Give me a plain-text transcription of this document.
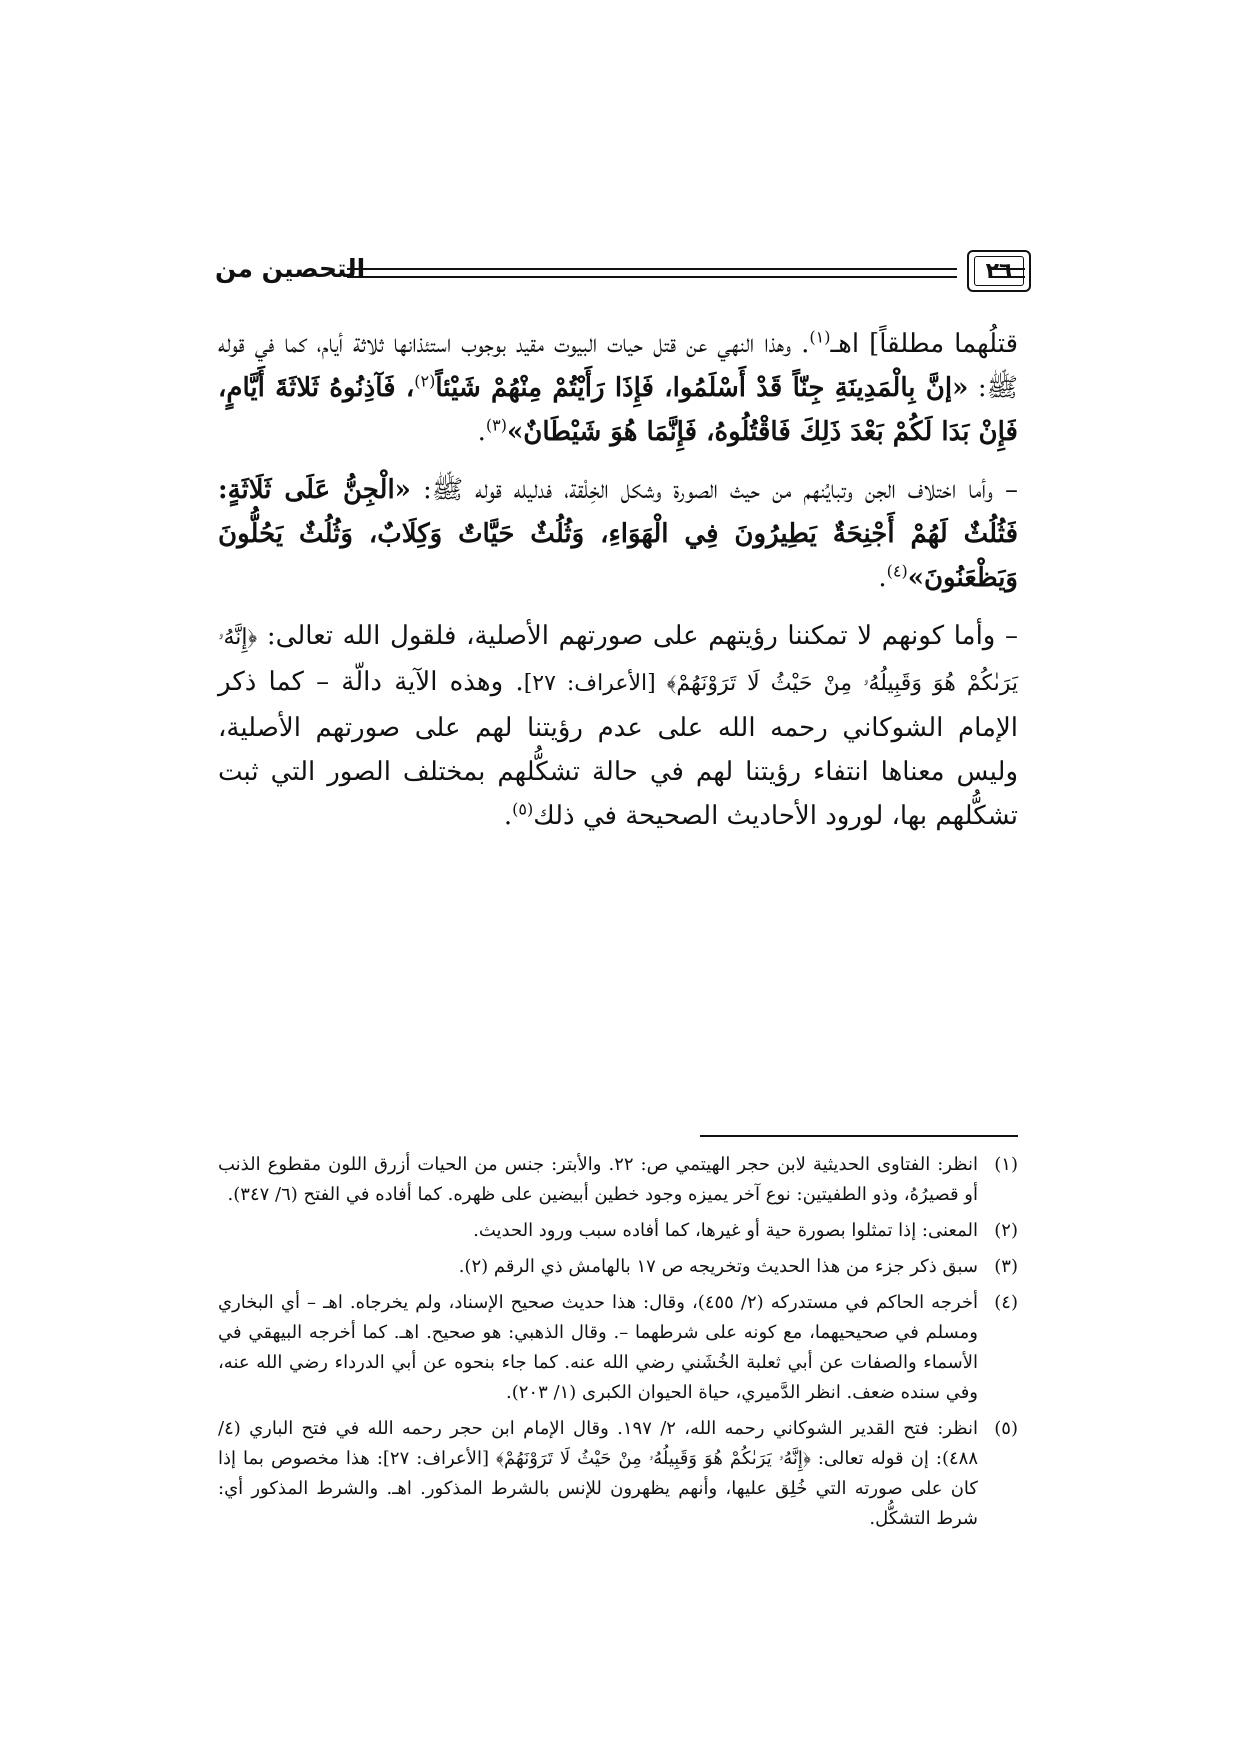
التحصين من	٢٦

قتلُهما مطلقاً] اهـ$^{(١)}$. وهذا النهي عن قتل حيات البيوت مقيد بوجوب استئذانها ثلاثة أيام، كما في قوله ﷺ: «إنَّ بِالْمَدِينَةِ جِنّاً قَدْ أَسْلَمُوا، فَإِذَا رَأَيْتُمْ مِنْهُمْ شَيْئاً$^{(٢)}$، فَآذِنُوهُ ثَلاثَةَ أَيَّامٍ، فَإِنْ بَدَا لَكُمْ بَعْدَ ذَلِكَ فَاقْتُلُوهُ، فَإِنَّمَا هُوَ شَيْطَانٌ»$^{(٣)}$.

– وأما اختلاف الجن وتبايُنهم من حيث الصورة وشكل الخِلْقة، فدليله قوله ﷺ: «الْجِنُّ عَلَى ثَلَاثَةٍ: فَثُلُثٌ لَهُمْ أَجْنِحَةٌ يَطِيرُونَ فِي الْهَوَاءِ، وَثُلُثٌ حَيَّاتٌ وَكِلَابٌ، وَثُلُثٌ يَحُلُّونَ وَيَظْعَنُونَ»$^{(٤)}$.

– وأما كونهم لا تمكننا رؤيتهم على صورتهم الأصلية، فلقول الله تعالى: ﴿إِنَّهُۥ يَرَىٰكُمْ هُوَ وَقَبِيلُهُۥ مِنْ حَيْثُ لَا تَرَوْنَهُمْ﴾ [الأعراف: ٢٧]. وهذه الآية دالّة – كما ذكر الإمام الشوكاني رحمه الله على عدم رؤيتنا لهم على صورتهم الأصلية، وليس معناها انتفاء رؤيتنا لهم في حالة تشكُّلهم بمختلف الصور التي ثبت تشكُّلهم بها، لورود الأحاديث الصحيحة في ذلك$^{(٥)}$.

(١)
انظر: الفتاوى الحديثية لابن حجر الهيتمي ص: ٢٢. والأبتر: جنس من الحيات أزرق اللون مقطوع الذنب أو قصيرُهُ، وذو الطفيتين: نوع آخر يميزه وجود خطين أبيضين على ظهره. كما أفاده في الفتح (٦/ ٣٤٧).
(٢)
المعنى: إذا تمثلوا بصورة حية أو غيرها، كما أفاده سبب ورود الحديث.
(٣)
سبق ذكر جزء من هذا الحديث وتخريجه ص ١٧ بالهامش ذي الرقم (٢).
(٤)
أخرجه الحاكم في مستدركه (٢/ ٤٥٥)، وقال: هذا حديث صحيح الإسناد، ولم يخرجاه. اهـ – أي البخاري ومسلم في صحيحيهما، مع كونه على شرطهما –. وقال الذهبي: هو صحيح. اهـ. كما أخرجه البيهقي في الأسماء والصفات عن أبي ثعلبة الخُشَني رضي الله عنه. كما جاء بنحوه عن أبي الدرداء رضي الله عنه، وفي سنده ضعف. انظر الدَّميري، حياة الحيوان الكبرى (١/ ٢٠٣).
(٥)
انظر: فتح القدير الشوكاني رحمه الله، ٢/ ١٩٧. وقال الإمام ابن حجر رحمه الله في فتح الباري (٤/ ٤٨٨): إن قوله تعالى: ﴿إِنَّهُۥ يَرَىٰكُمْ هُوَ وَقَبِيلُهُۥ مِنْ حَيْثُ لَا تَرَوْنَهُمْ﴾ [الأعراف: ٢٧]: هذا مخصوص بما إذا كان على صورته التي خُلِق عليها، وأنهم يظهرون للإنس بالشرط المذكور. اهـ. والشرط المذكور أي: شرط التشكُّل.
